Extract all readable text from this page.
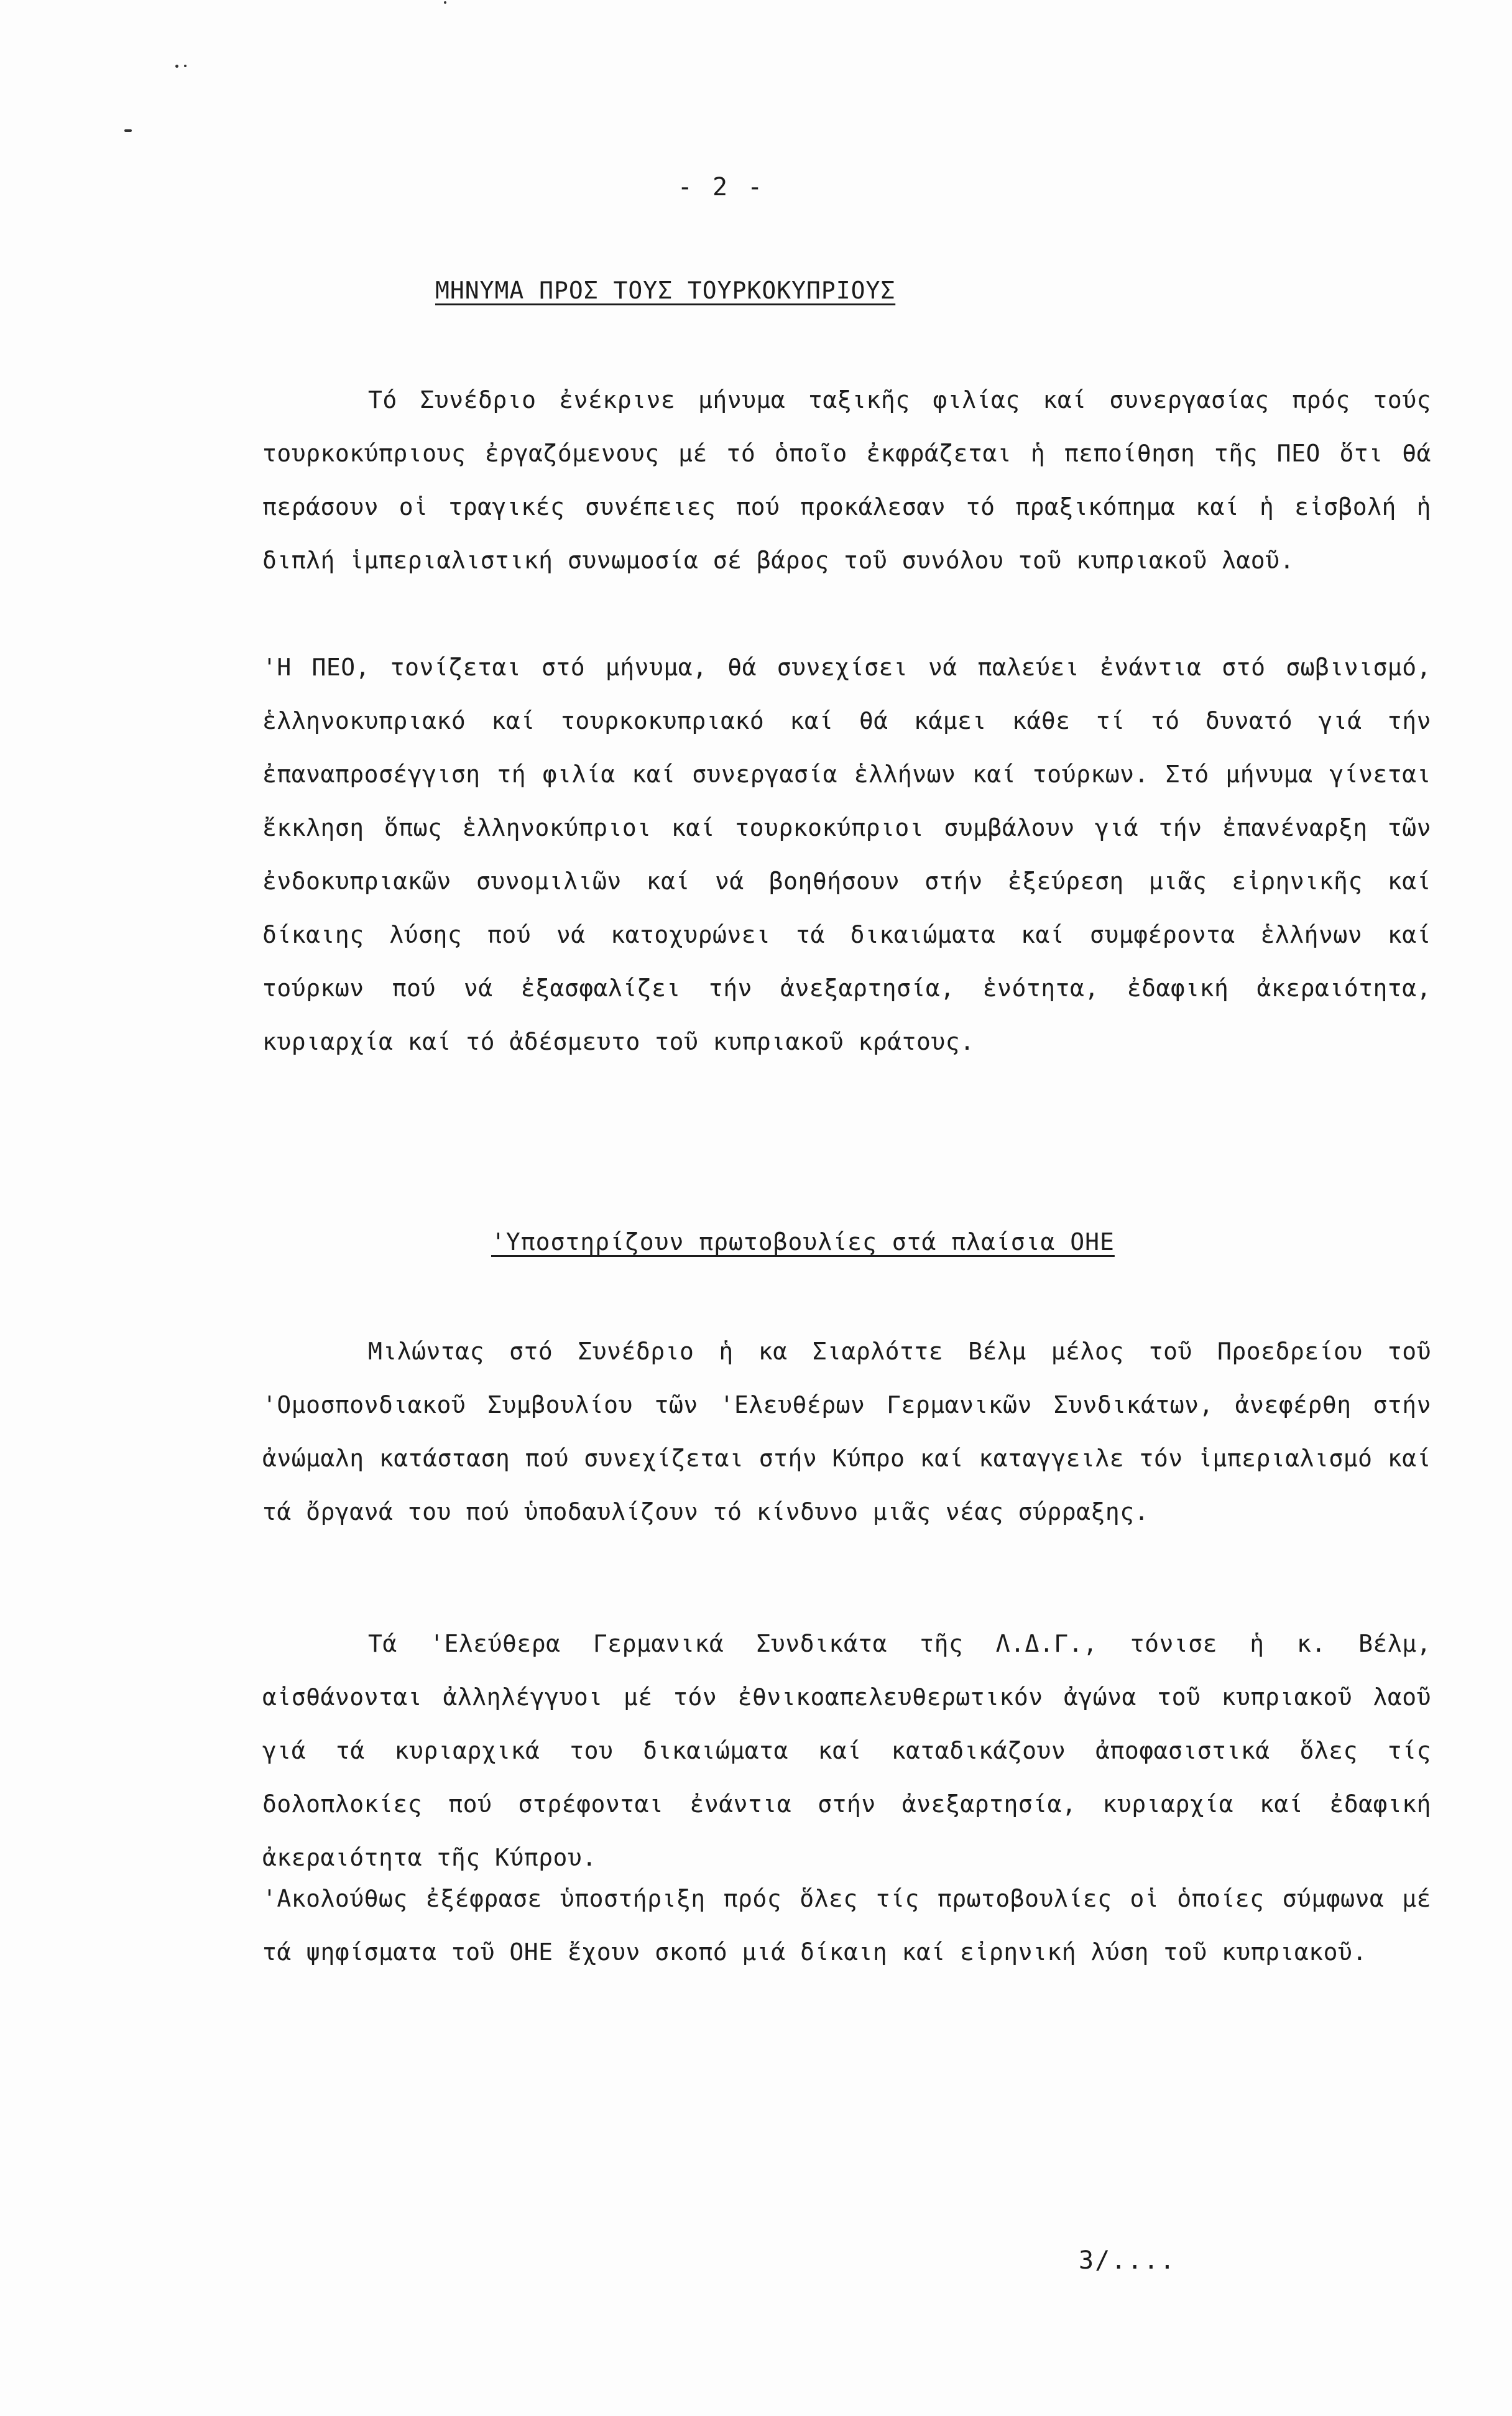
- 2 -
ΜΗΝΥΜΑ ΠΡΟΣ ΤΟΥΣ ΤΟΥΡΚΟΚΥΠΡΙΟΥΣ
Τό Συνέδριο ἐνέκρινε μήνυμα ταξικῆς φιλίας καί συνεργασίας πρός τούς τουρκοκύπριους ἐργαζόμενους μέ τό ὁποῖο ἐκφράζεται ἡ πεποίθηση τῆς ΠΕΟ ὅτι θά περάσουν οἱ τραγικές συνέπειες πού προκάλεσαν τό πραξικόπημα καί ἡ εἰσβολή ἡ διπλή ἱμπεριαλιστική συνωμοσία σέ βάρος τοῦ συνόλου τοῦ κυπριακοῦ λαοῦ.
'Η ΠΕΟ, τονίζεται στό μήνυμα, θά συνεχίσει νά παλεύει ἐνάντια στό σωβινισμό, ἑλληνοκυπριακό καί τουρκοκυπριακό καί θά κάμει κάθε τί τό δυνατό γιά τήν ἐπαναπροσέγγιση τή φιλία καί συνεργασία ἑλλήνων καί τούρκων. Στό μήνυμα γίνεται ἔκκληση ὅπως ἑλληνοκύπριοι καί τουρκοκύπριοι συμβάλουν γιά τήν ἐπανέναρξη τῶν ἐνδοκυπριακῶν συνομιλιῶν καί νά βοηθήσουν στήν ἐξεύρεση μιᾶς εἰρηνικῆς καί δίκαιης λύσης πού νά κατοχυρώνει τά δικαιώματα καί συμφέροντα ἑλλήνων καί τούρκων πού νά ἐξασφαλίζει τήν ἀνεξαρτησία, ἑνότητα, ἐδαφική ἀκεραιότητα, κυριαρχία καί τό ἀδέσμευτο τοῦ κυπριακοῦ κράτους.
'Υποστηρίζουν πρωτοβουλίες στά πλαίσια ΟΗΕ
Μιλώντας στό Συνέδριο ἡ κα Σιαρλόττε Βέλμ μέλος τοῦ Προεδρείου τοῦ 'Ομοσπονδιακοῦ Συμβουλίου τῶν 'Ελευθέρων Γερμανικῶν Συνδικάτων, ἀνεφέρθη στήν ἀνώμαλη κατάσταση πού συνεχίζεται στήν Κύπρο καί καταγγειλε τόν ἱμπεριαλισμό καί τά ὄργανά του πού ὑποδαυλίζουν τό κίνδυνο μιᾶς νέας σύρραξης.
Τά 'Ελεύθερα Γερμανικά Συνδικάτα τῆς Λ.Δ.Γ., τόνισε ἡ κ. Βέλμ, αἰσθάνονται ἀλληλέγγυοι μέ τόν ἐθνικοαπελευθερωτικόν ἀγώνα τοῦ κυπριακοῦ λαοῦ γιά τά κυριαρχικά του δικαιώματα καί καταδικάζουν ἀποφασιστικά ὅλες τίς δολοπλοκίες πού στρέφονται ἐνάντια στήν ἀνεξαρτησία, κυριαρχία καί ἐδαφική ἀκεραιότητα τῆς Κύπρου.
'Ακολούθως ἐξέφρασε ὑποστήριξη πρός ὅλες τίς πρωτοβουλίες οἱ ὁποίες σύμφωνα μέ τά ψηφίσματα τοῦ ΟΗΕ ἔχουν σκοπό μιά δίκαιη καί εἰρηνική λύση τοῦ κυπριακοῦ.
3/....
